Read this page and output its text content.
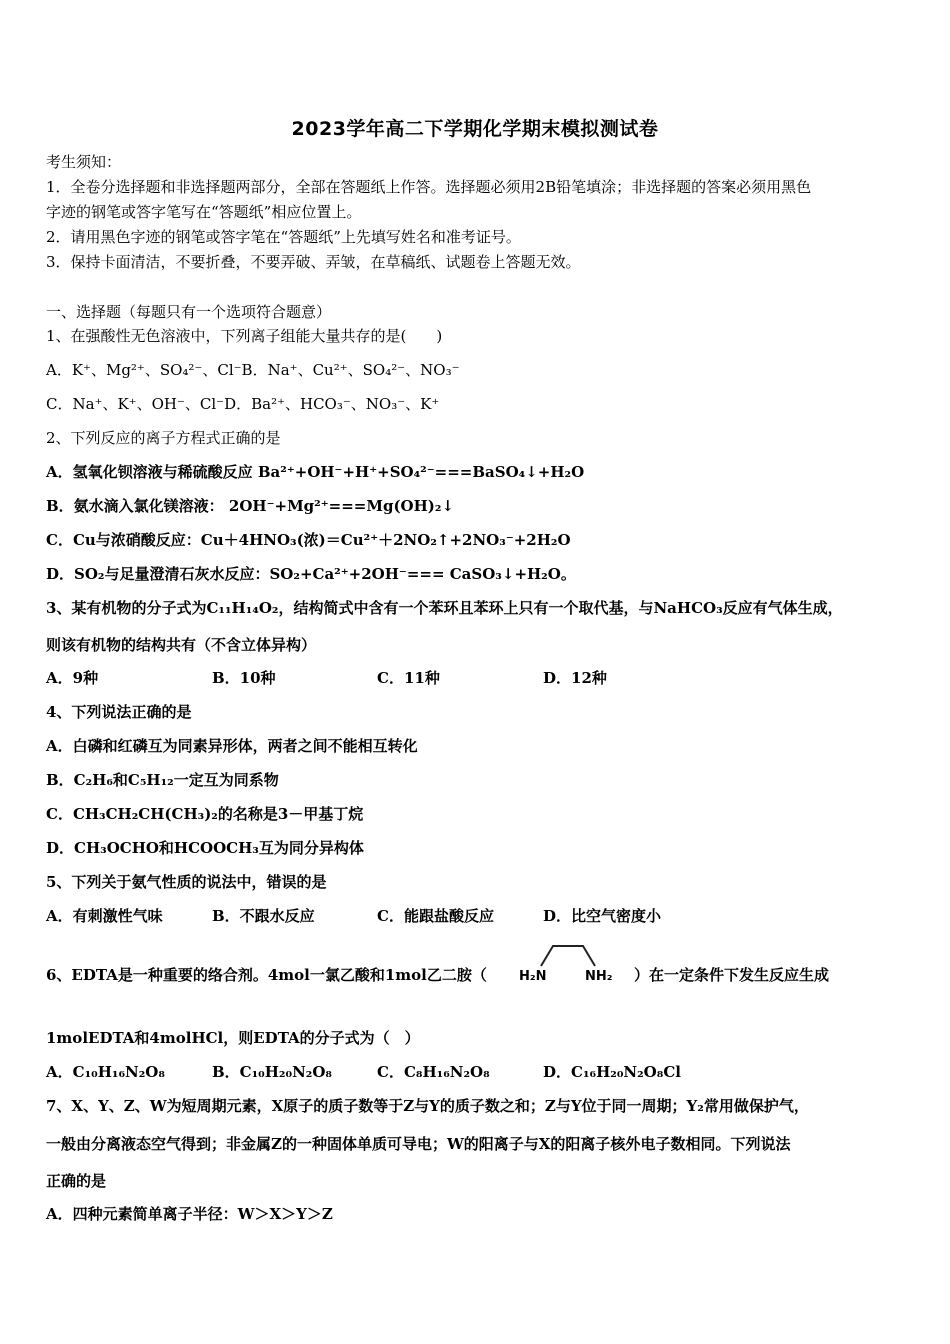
2023学年高二下学期化学期末模拟测试卷
考生须知：
1．全卷分选择题和非选择题两部分，全部在答题纸上作答。选择题必须用2B铅笔填涂；非选择题的答案必须用黑色
字迹的钢笔或答字笔写在“答题纸”相应位置上。
2．请用黑色字迹的钢笔或答字笔在“答题纸”上先填写姓名和准考证号。
3．保持卡面清洁，不要折叠，不要弄破、弄皱，在草稿纸、试题卷上答题无效。
一、选择题（每题只有一个选项符合题意）
1、在强酸性无色溶液中，下列离子组能大量共存的是(　　)
A．K⁺、Mg²⁺、SO₄²⁻、Cl⁻B．Na⁺、Cu²⁺、SO₄²⁻、NO₃⁻
C．Na⁺、K⁺、OH⁻、Cl⁻D．Ba²⁺、HCO₃⁻、NO₃⁻、K⁺
2、下列反应的离子方程式正确的是
A．氢氧化钡溶液与稀硫酸反应 Ba²⁺+OH⁻+H⁺+SO₄²⁻===BaSO₄↓+H₂O
B．氨水滴入氯化镁溶液： 2OH⁻+Mg²⁺===Mg(OH)₂↓
C．Cu与浓硝酸反应：Cu＋4HNO₃(浓)＝Cu²⁺＋2NO₂↑+2NO₃⁻+2H₂O
D．SO₂与足量澄清石灰水反应：SO₂+Ca²⁺+2OH⁻=== CaSO₃↓+H₂O。
3、某有机物的分子式为C₁₁H₁₄O₂，结构简式中含有一个苯环且苯环上只有一个取代基，与NaHCO₃反应有气体生成，
则该有机物的结构共有（不含立体异构）
A．9种	B．10种	C．11种	D．12种
4、下列说法正确的是
A．白磷和红磷互为同素异形体，两者之间不能相互转化
B．C₂H₆和C₅H₁₂一定互为同系物
C．CH₃CH₂CH(CH₃)₂的名称是3－甲基丁烷
D．CH₃OCHO和HCOOCH₃互为同分异构体
5、下列关于氨气性质的说法中，错误的是
A．有刺激性气味	B．不跟水反应	C．能跟盐酸反应	D．比空气密度小
6、EDTA是一种重要的络合剂。4mol一氯乙酸和1mol乙二胺（ H₂N	NH₂ ）在一定条件下发生反应生成
1molEDTA和4molHCl，则EDTA的分子式为（　）
A．C₁₀H₁₆N₂O₈	B．C₁₀H₂₀N₂O₈	C．C₈H₁₆N₂O₈	D．C₁₆H₂₀N₂O₈Cl
7、X、Y、Z、W为短周期元素，X原子的质子数等于Z与Y的质子数之和；Z与Y位于同一周期；Y₂常用做保护气，
一般由分离液态空气得到；非金属Z的一种固体单质可导电；W的阳离子与X的阳离子核外电子数相同。下列说法
正确的是
A．四种元素简单离子半径：W＞X＞Y＞Z
